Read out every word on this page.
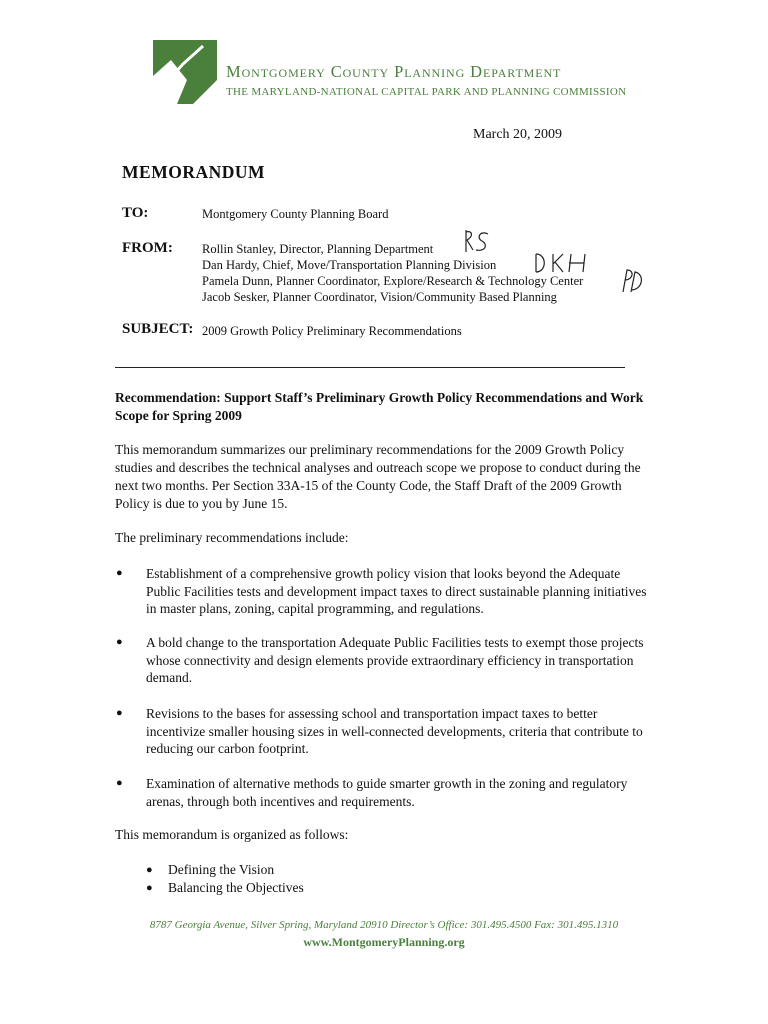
Montgomery County Planning Department
THE MARYLAND-NATIONAL CAPITAL PARK AND PLANNING COMMISSION
March 20, 2009
MEMORANDUM
TO:	Montgomery County Planning Board
FROM: Rollin Stanley, Director, Planning Department
Dan Hardy, Chief, Move/Transportation Planning Division
Pamela Dunn, Planner Coordinator, Explore/Research & Technology Center
Jacob Sesker, Planner Coordinator, Vision/Community Based Planning
SUBJECT: 2009 Growth Policy Preliminary Recommendations
Recommendation: Support Staff’s Preliminary Growth Policy Recommendations and Work Scope for Spring 2009
This memorandum summarizes our preliminary recommendations for the 2009 Growth Policy studies and describes the technical analyses and outreach scope we propose to conduct during the next two months. Per Section 33A-15 of the County Code, the Staff Draft of the 2009 Growth Policy is due to you by June 15.
The preliminary recommendations include:
● Establishment of a comprehensive growth policy vision that looks beyond the Adequate Public Facilities tests and development impact taxes to direct sustainable planning initiatives in master plans, zoning, capital programming, and regulations.
● A bold change to the transportation Adequate Public Facilities tests to exempt those projects whose connectivity and design elements provide extraordinary efficiency in transportation demand.
● Revisions to the bases for assessing school and transportation impact taxes to better incentivize smaller housing sizes in well-connected developments, criteria that contribute to reducing our carbon footprint.
● Examination of alternative methods to guide smarter growth in the zoning and regulatory arenas, through both incentives and requirements.
This memorandum is organized as follows:
● Defining the Vision
● Balancing the Objectives
8787 Georgia Avenue, Silver Spring, Maryland 20910 Director’s Office: 301.495.4500 Fax: 301.495.1310
www.MontgomeryPlanning.org
